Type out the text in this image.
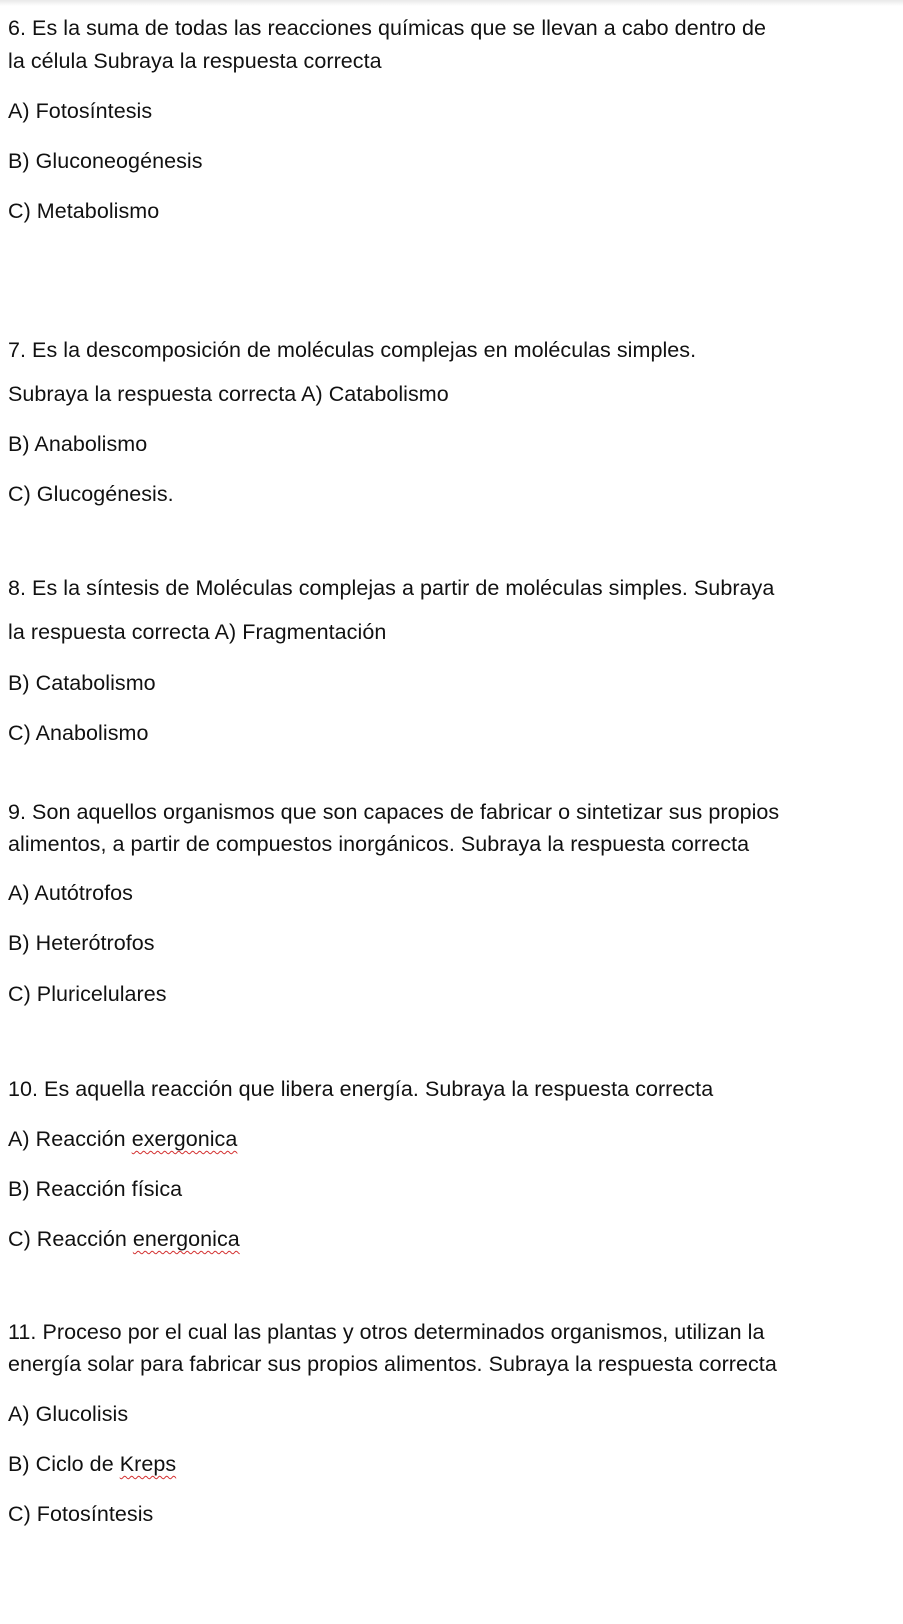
6. Es la suma de todas las reacciones químicas que se llevan a cabo dentro de
la célula Subraya la respuesta correcta
A) Fotosíntesis
B) Gluconeogénesis
C) Metabolismo
7. Es la descomposición de moléculas complejas en moléculas simples.
Subraya la respuesta correcta A) Catabolismo
B) Anabolismo
C) Glucogénesis.
8. Es la síntesis de Moléculas complejas a partir de moléculas simples. Subraya
la respuesta correcta A) Fragmentación
B) Catabolismo
C) Anabolismo
9. Son aquellos organismos que son capaces de fabricar o sintetizar sus propios
alimentos, a partir de compuestos inorgánicos. Subraya la respuesta correcta
A) Autótrofos
B) Heterótrofos
C) Pluricelulares
10. Es aquella reacción que libera energía. Subraya la respuesta correcta
A) Reacción exergonica
B) Reacción física
C) Reacción energonica
11. Proceso por el cual las plantas y otros determinados organismos, utilizan la
energía solar para fabricar sus propios alimentos. Subraya la respuesta correcta
A) Glucolisis
B) Ciclo de Kreps
C) Fotosíntesis
